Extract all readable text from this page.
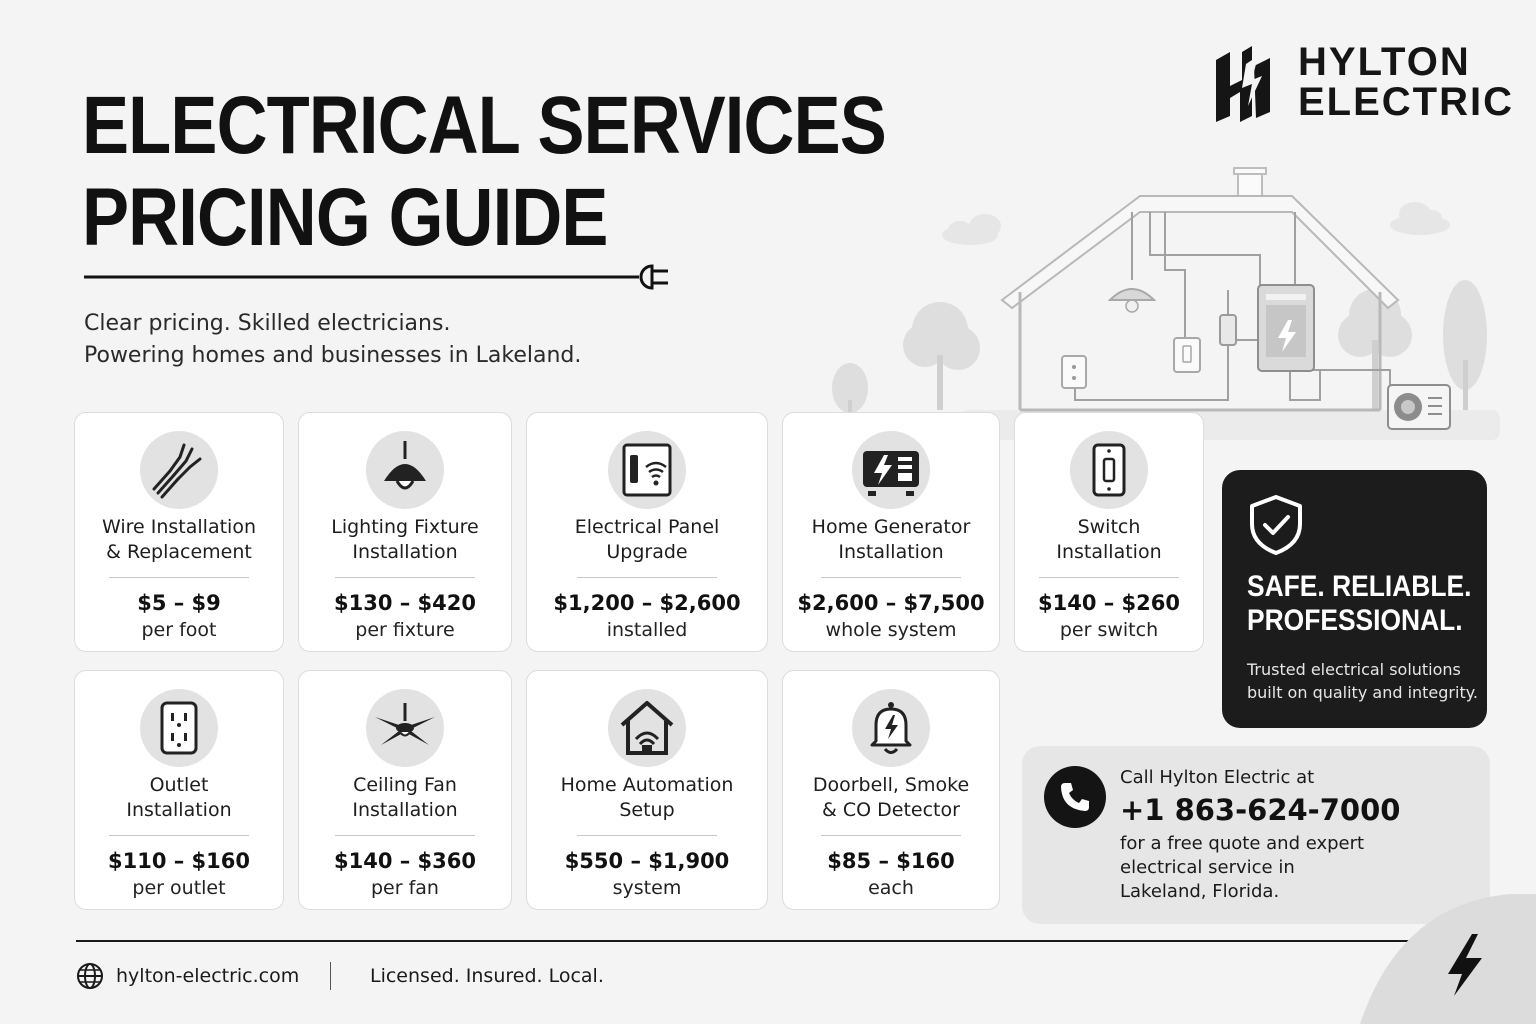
ELECTRICAL SERVICES
PRICING GUIDE
Clear pricing. Skilled electricians.
Powering homes and businesses in Lakeland.
HYLTON
ELECTRIC
Wire Installation
& Replacement
$5 – $9
per foot
Lighting Fixture
Installation
$130 – $420
per fixture
Electrical Panel
Upgrade
$1,200 – $2,600
installed
Home Generator
Installation
$2,600 – $7,500
whole system
Switch
Installation
$140 – $260
per switch
Outlet
Installation
$110 – $160
per outlet
Ceiling Fan
Installation
$140 – $360
per fan
Home Automation
Setup
$550 – $1,900
system
Doorbell, Smoke
& CO Detector
$85 – $160
each
SAFE. RELIABLE.
PROFESSIONAL.
Trusted electrical solutions
built on quality and integrity.
Call Hylton Electric at
+1 863-624-7000
for a free quote and expert
electrical service in
Lakeland, Florida.
hylton-electric.com	Licensed. Insured. Local.
